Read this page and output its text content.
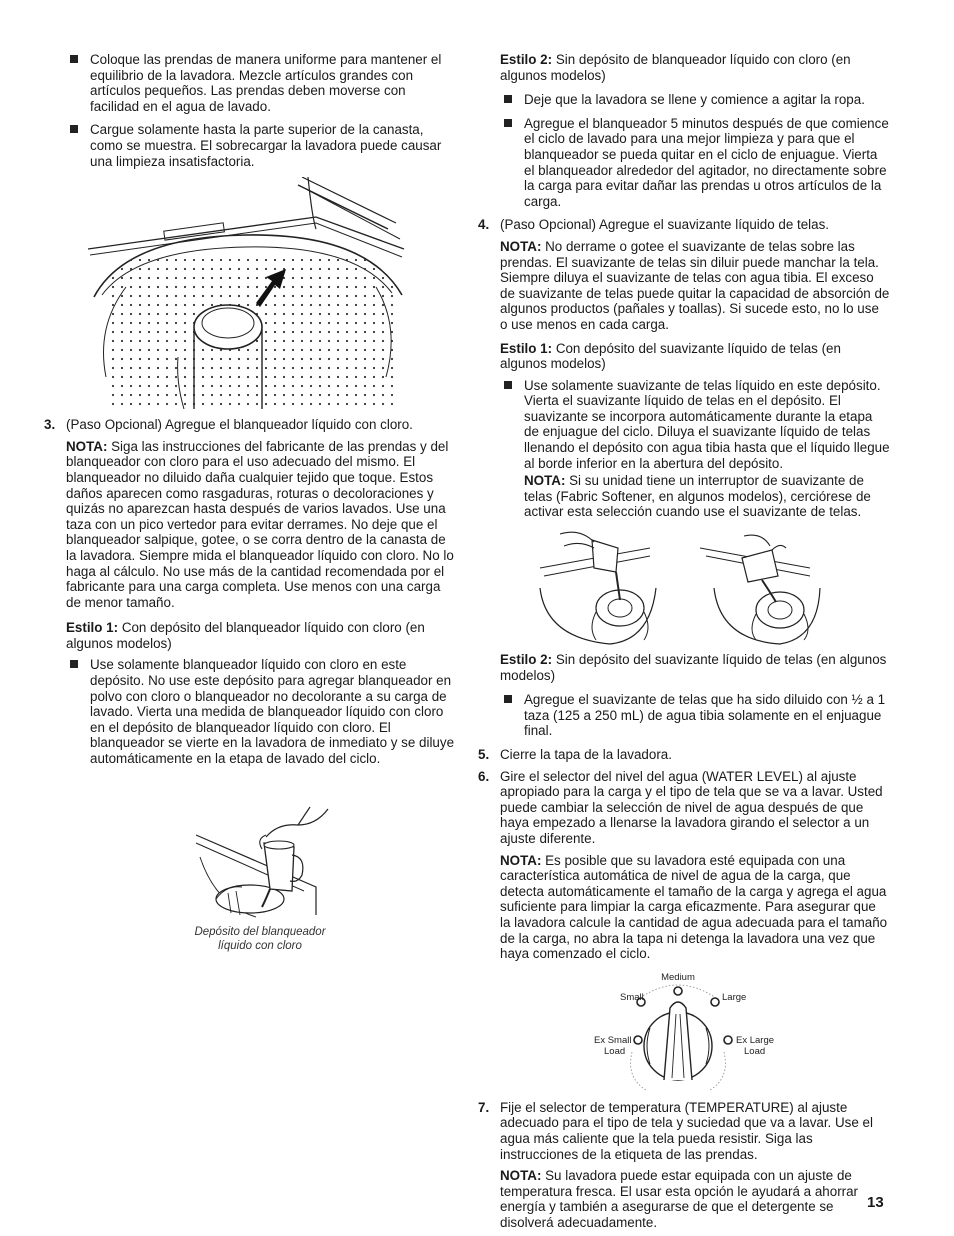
Coloque las prendas de manera uniforme para mantener el equilibrio de la lavadora. Mezcle artículos grandes con artículos pequeños. Las prendas deben moverse con facilidad en el agua de lavado.
Cargue solamente hasta la parte superior de la canasta, como se muestra. El sobrecargar la lavadora puede causar una limpieza insatisfactoria.
3. (Paso Opcional) Agregue el blanqueador líquido con cloro.

NOTA: Siga las instrucciones del fabricante de las prendas y del blanqueador con cloro para el uso adecuado del mismo. El blanqueador no diluido daña cualquier tejido que toque. Estos daños aparecen como rasgaduras, roturas o decoloraciones y quizás no aparezcan hasta después de varios lavados. Use una taza con un pico vertedor para evitar derrames. No deje que el blanqueador salpique, gotee, o se corra dentro de la canasta de la lavadora. Siempre mida el blanqueador líquido con cloro. No lo haga al cálculo. No use más de la cantidad recomendada por el fabricante para una carga completa. Use menos con una carga de menor tamaño.

Estilo 1: Con depósito del blanqueador líquido con cloro (en algunos modelos)

Use solamente blanqueador líquido con cloro en este depósito. No use este depósito para agregar blanqueador en polvo con cloro o blanqueador no decolorante a su carga de lavado. Vierta una medida de blanqueador líquido con cloro en el depósito de blanqueador líquido con cloro. El blanqueador se vierte en la lavadora de inmediato y se diluye automáticamente en la etapa de lavado del ciclo.

Depósito del blanqueador
líquido con cloro

Estilo 2: Sin depósito de blanqueador líquido con cloro (en algunos modelos)

Deje que la lavadora se llene y comience a agitar la ropa.
Agregue el blanqueador 5 minutos después de que comience el ciclo de lavado para una mejor limpieza y para que el blanqueador se pueda quitar en el ciclo de enjuague. Vierta el blanqueador alrededor del agitador, no directamente sobre la carga para evitar dañar las prendas u otros artículos de la carga.
4. (Paso Opcional) Agregue el suavizante líquido de telas.

NOTA: No derrame o gotee el suavizante de telas sobre las prendas. El suavizante de telas sin diluir puede manchar la tela. Siempre diluya el suavizante de telas con agua tibia. El exceso de suavizante de telas puede quitar la capacidad de absorción de algunos productos (pañales y toallas). Si sucede esto, no lo use o use menos en cada carga.

Estilo 1: Con depósito del suavizante líquido de telas (en algunos modelos)

Use solamente suavizante de telas líquido en este depósito. Vierta el suavizante líquido de telas en el depósito. El suavizante se incorpora automáticamente durante la etapa de enjuague del ciclo. Diluya el suavizante líquido de telas llenando el depósito con agua tibia hasta que el líquido llegue al borde inferior en la abertura del depósito.

NOTA: Si su unidad tiene un interruptor de suavizante de telas (Fabric Softener, en algunos modelos), cerciórese de activar esta selección cuando use el suavizante de telas.

Estilo 2: Sin depósito del suavizante líquido de telas (en algunos modelos)

Agregue el suavizante de telas que ha sido diluido con ½ a 1 taza (125 a 250 mL) de agua tibia solamente en el enjuague final.
5. Cierre la tapa de la lavadora.

6. Gire el selector del nivel del agua (WATER LEVEL) al ajuste apropiado para la carga y el tipo de tela que se va a lavar. Usted puede cambiar la selección de nivel de agua después de que haya empezado a llenarse la lavadora girando el selector a un ajuste diferente.

NOTA: Es posible que su lavadora esté equipada con una característica automática de nivel de agua de la carga, que detecta automáticamente el tamaño de la carga y agrega el agua suficiente para limpiar la carga eficazmente. Para asegurar que la lavadora calcule la cantidad de agua adecuada para el tamaño de la carga, no abra la tapa ni detenga la lavadora una vez que haya comenzado el ciclo.

Medium
Small	Large
Ex Small
Load
Ex Large
Load
7. Fije el selector de temperatura (TEMPERATURE) al ajuste adecuado para el tipo de tela y suciedad que va a lavar. Use el agua más caliente que la tela pueda resistir. Siga las instrucciones de la etiqueta de las prendas.

NOTA: Su lavadora puede estar equipada con un ajuste de temperatura fresca. El usar esta opción le ayudará a ahorrar energía y también a asegurarse de que el detergente se disolverá adecuadamente.

13
